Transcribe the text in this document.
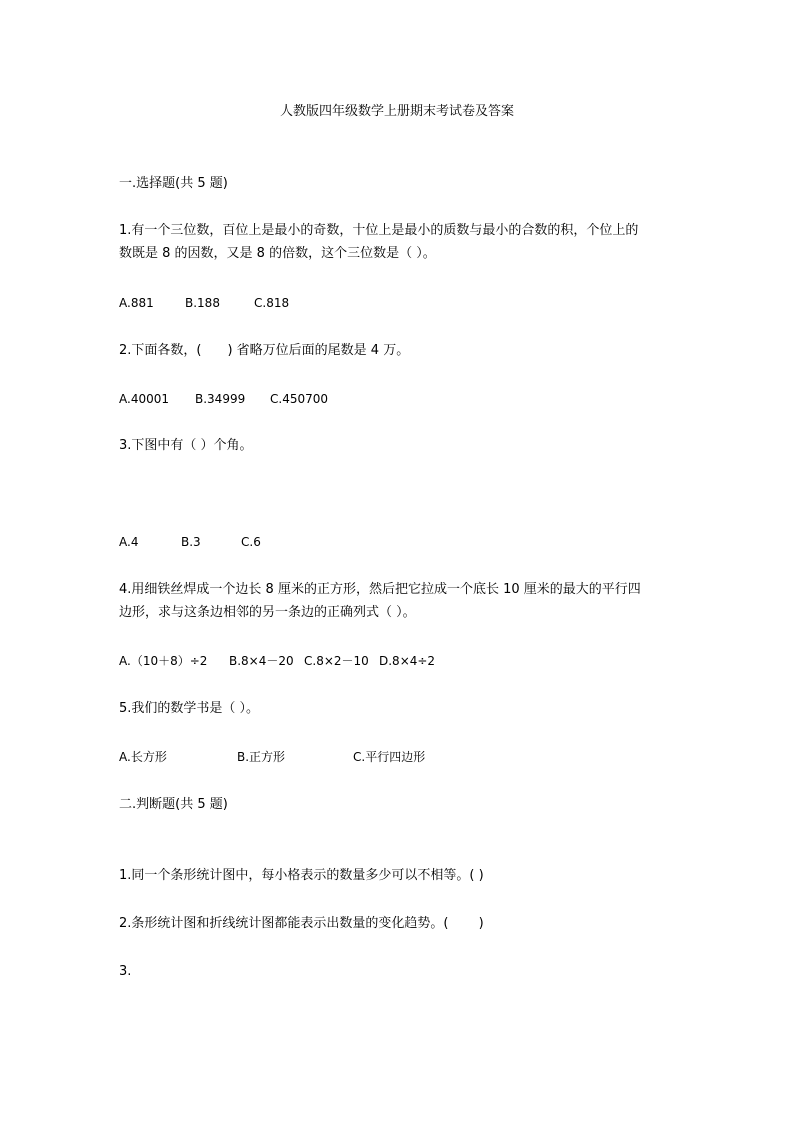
人教版四年级数学上册期末考试卷及答案
一.选择题(共 5 题)
1.有一个三位数，百位上是最小的奇数，十位上是最小的质数与最小的合数的积，个位上的
数既是 8 的因数，又是 8 的倍数，这个三位数是（ ）。
A.881	B.188	C.818
2.下面各数，(　　) 省略万位后面的尾数是 4 万。
A.40001 B.34999 C.450700
3.下图中有（ ）个角。
A.4	B.3	C.6
4.用细铁丝焊成一个边长 8 厘米的正方形，然后把它拉成一个底长 10 厘米的最大的平行四
边形，求与这条边相邻的另一条边的正确列式（ ）。
A.（10＋8）÷2 B.8×4－20 C.8×2－10 D.8×4÷2
5.我们的数学书是（ ）。
A.长方形	B.正方形	C.平行四边形
二.判断题(共 5 题)
1.同一个条形统计图中，每小格表示的数量多少可以不相等。( )
2.条形统计图和折线统计图都能表示出数量的变化趋势。(　　 )
3.
